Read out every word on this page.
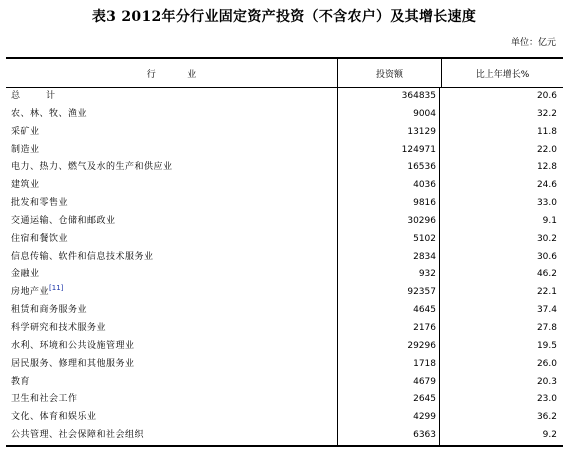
表3 2012年分行业固定资产投资（不含农户）及其增长速度
单位：亿元
行           业	投资额	比上年增长%
总计	364835	20.6
农、林、牧、渔业	9004	32.2
采矿业	13129	11.8
制造业	124971	22.0
电力、热力、燃气及水的生产和供应业	16536	12.8
建筑业	4036	24.6
批发和零售业	9816	33.0
交通运输、仓储和邮政业	30296	9.1
住宿和餐饮业	5102	30.2
信息传输、软件和信息技术服务业	2834	30.6
金融业	932	46.2
房地产业[11]	92357	22.1
租赁和商务服务业	4645	37.4
科学研究和技术服务业	2176	27.8
水利、环境和公共设施管理业	29296	19.5
居民服务、修理和其他服务业	1718	26.0
教育	4679	20.3
卫生和社会工作	2645	23.0
文化、体育和娱乐业	4299	36.2
公共管理、社会保障和社会组织	6363	9.2
